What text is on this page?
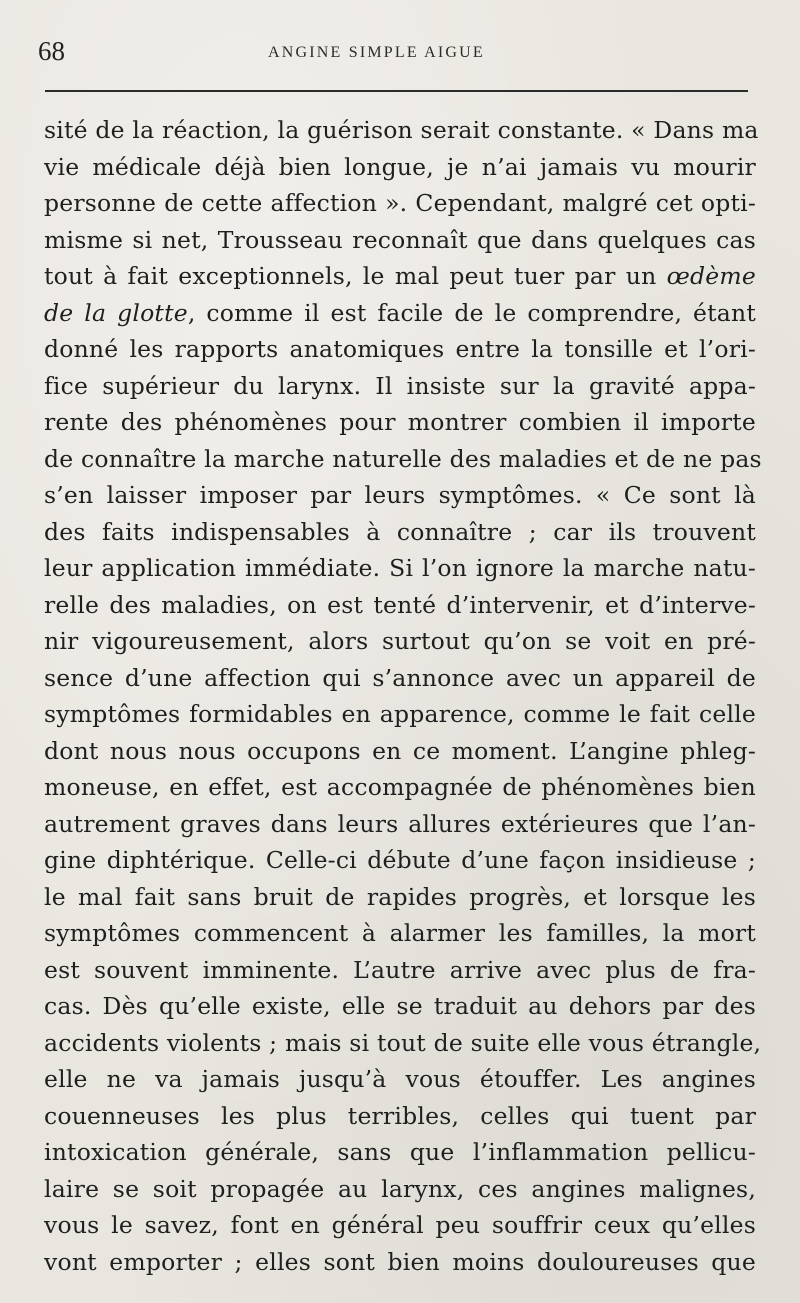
68	ANGINE SIMPLE AIGUE
sité de la réaction, la guérison serait constante. « Dans ma
vie médicale déjà bien longue, je n’ai jamais vu mourir
personne de cette affection ». Cependant, malgré cet opti-
misme si net, Trousseau reconnaît que dans quelques cas
tout à fait exceptionnels, le mal peut tuer par un œdème
de la glotte, comme il est facile de le comprendre, étant
donné les rapports anatomiques entre la tonsille et l’ori-
fice supérieur du larynx. Il insiste sur la gravité appa-
rente des phénomènes pour montrer combien il importe
de connaître la marche naturelle des maladies et de ne pas
s’en laisser imposer par leurs symptômes. « Ce sont là
des faits indispensables à connaître ; car ils trouvent
leur application immédiate. Si l’on ignore la marche natu-
relle des maladies, on est tenté d’intervenir, et d’interve-
nir vigoureusement, alors surtout qu’on se voit en pré-
sence d’une affection qui s’annonce avec un appareil de
symptômes formidables en apparence, comme le fait celle
dont nous nous occupons en ce moment. L’angine phleg-
moneuse, en effet, est accompagnée de phénomènes bien
autrement graves dans leurs allures extérieures que l’an-
gine diphtérique. Celle-ci débute d’une façon insidieuse ;
le mal fait sans bruit de rapides progrès, et lorsque les
symptômes commencent à alarmer les familles, la mort
est souvent imminente. L’autre arrive avec plus de fra-
cas. Dès qu’elle existe, elle se traduit au dehors par des
accidents violents ; mais si tout de suite elle vous étrangle,
elle ne va jamais jusqu’à vous étouffer. Les angines
couenneuses les plus terribles, celles qui tuent par
intoxication générale, sans que l’inflammation pellicu-
laire se soit propagée au larynx, ces angines malignes,
vous le savez, font en général peu souffrir ceux qu’elles
vont emporter ; elles sont bien moins douloureuses que
